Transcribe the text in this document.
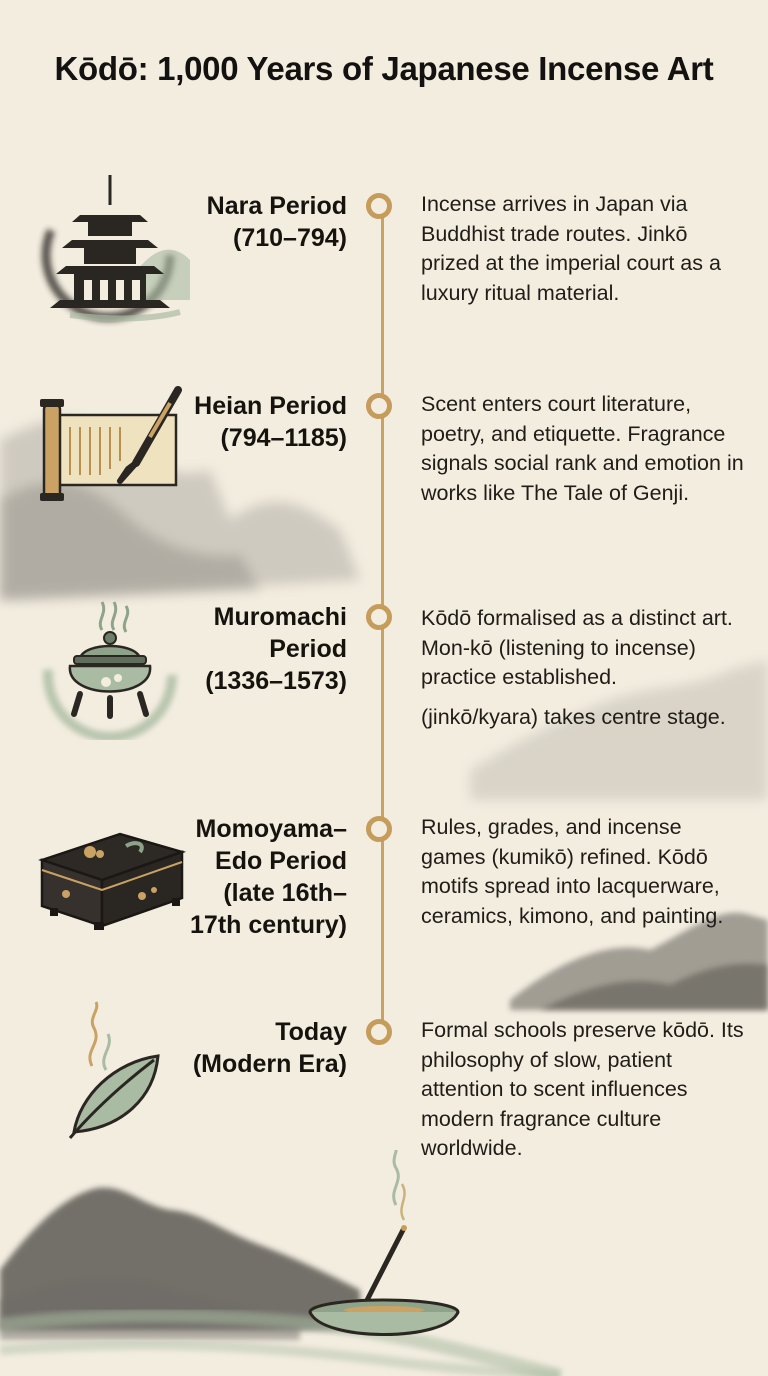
Kōdō: 1,000 Years of Japanese Incense Art
Nara Period
(710–794)

Incense arrives in Japan via Buddhist trade routes. Jinkō prized at the imperial court as a luxury ritual material.

Heian Period
(794–1185)

Scent enters court literature, poetry, and etiquette. Fragrance signals social rank and emotion in works like The Tale of Genji.

Muromachi
Period
(1336–1573)

Kōdō formalised as a distinct art. Mon-kō (listening to incense) practice established.

(jinkō/kyara) takes centre stage.

Momoyama–
Edo Period
(late 16th–
17th century)

Rules, grades, and incense games (kumikō) refined. Kōdō motifs spread into lacquerware, ceramics, kimono, and painting.

Today
(Modern Era)

Formal schools preserve kōdō. Its philosophy of slow, patient attention to scent influences modern fragrance culture worldwide.
